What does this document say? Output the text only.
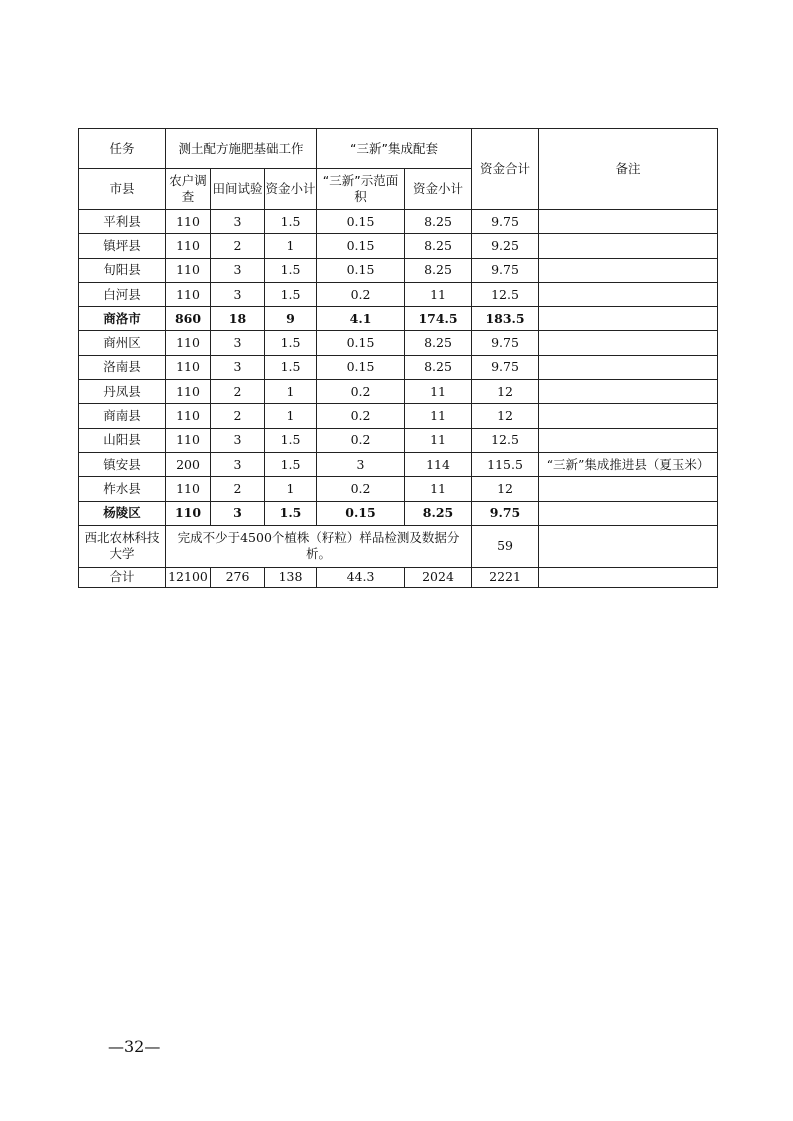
任务	测土配方施肥基础工作			“三新”集成配套		资金合计	备注
市县	农户调查	田间试验	资金小计	“三新”示范面积	资金小计		
平利县	110	3	1.5	0.15	8.25	9.75	
镇坪县	110	2	1	0.15	8.25	9.25	
旬阳县	110	3	1.5	0.15	8.25	9.75	
白河县	110	3	1.5	0.2	11	12.5	
商洛市	860	18	9	4.1	174.5	183.5	
商州区	110	3	1.5	0.15	8.25	9.75	
洛南县	110	3	1.5	0.15	8.25	9.75	
丹凤县	110	2	1	0.2	11	12	
商南县	110	2	1	0.2	11	12	
山阳县	110	3	1.5	0.2	11	12.5	
镇安县	200	3	1.5	3	114	115.5	“三新”集成推进县（夏玉米）
柞水县	110	2	1	0.2	11	12	
杨陵区	110	3	1.5	0.15	8.25	9.75	
西北农林科技大学	完成不少于4500个植株（籽粒）样品检测及数据分析。					59	
合计	12100	276	138	44.3	2024	2221	
—32—
